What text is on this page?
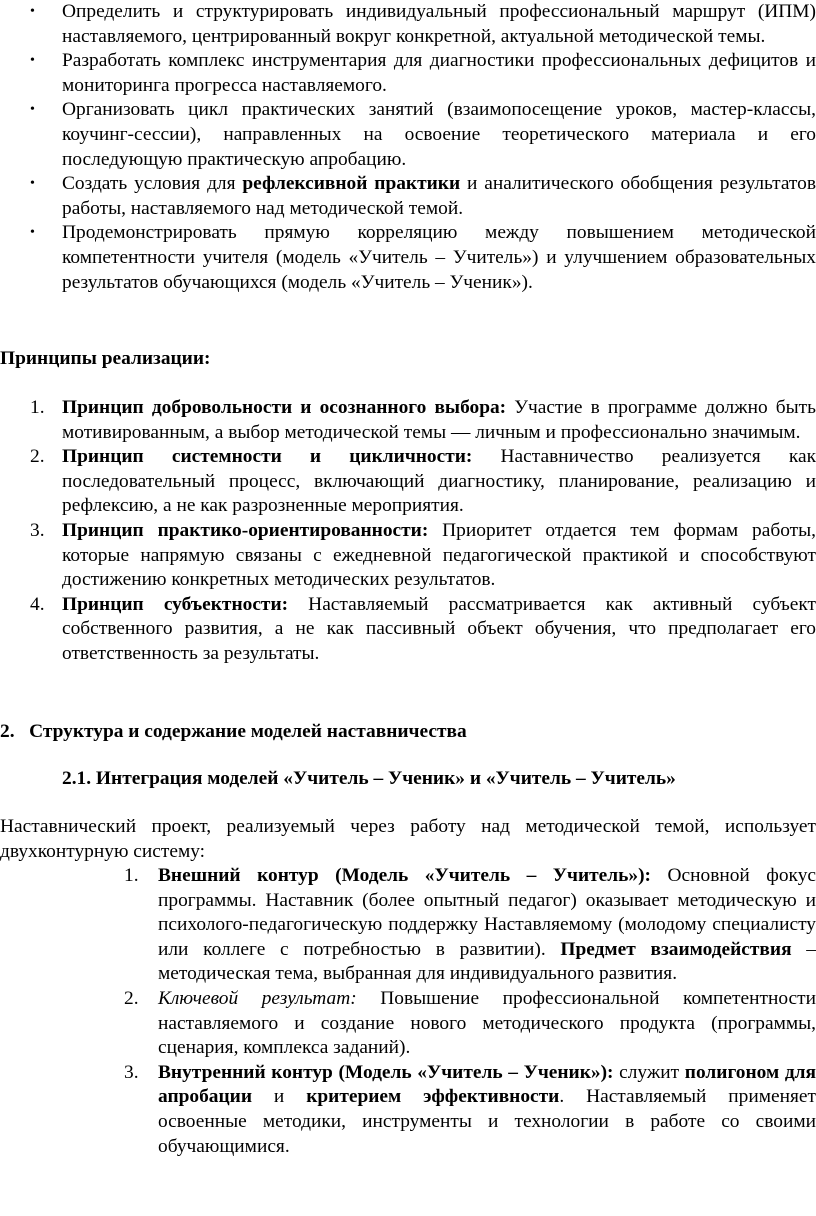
• Определить и структурировать индивидуальный профессиональный маршрут (ИПМ) наставляемого, центрированный вокруг конкретной, актуальной методической темы.
• Разработать комплекс инструментария для диагностики профессиональных дефицитов и мониторинга прогресса наставляемого.
• Организовать цикл практических занятий (взаимопосещение уроков, мастер-классы, коучинг-сессии), направленных на освоение теоретического материала и его последующую практическую апробацию.
• Создать условия для рефлексивной практики и аналитического обобщения результатов работы, наставляемого над методической темой.
• Продемонстрировать прямую корреляцию между повышением методической компетентности учителя (модель «Учитель – Учитель») и улучшением образовательных результатов обучающихся (модель «Учитель – Ученик»).
Принципы реализации:
1. Принцип добровольности и осознанного выбора: Участие в программе должно быть мотивированным, а выбор методической темы — личным и профессионально значимым.
2. Принцип системности и цикличности: Наставничество реализуется как последовательный процесс, включающий диагностику, планирование, реализацию и рефлексию, а не как разрозненные мероприятия.
3. Принцип практико-ориентированности: Приоритет отдается тем формам работы, которые напрямую связаны с ежедневной педагогической практикой и способствуют достижению конкретных методических результатов.
4. Принцип субъектности: Наставляемый рассматривается как активный субъект собственного развития, а не как пассивный объект обучения, что предполагает его ответственность за результаты.
2.   Структура и содержание моделей наставничества
2.1. Интеграция моделей «Учитель – Ученик» и «Учитель – Учитель»
Наставнический проект, реализуемый через работу над методической темой, использует двухконтурную систему:
1. Внешний контур (Модель «Учитель – Учитель»): Основной фокус программы. Наставник (более опытный педагог) оказывает методическую и психолого-педагогическую поддержку Наставляемому (молодому специалисту или коллеге с потребностью в развитии). Предмет взаимодействия – методическая тема, выбранная для индивидуального развития.
2. Ключевой результат: Повышение профессиональной компетентности наставляемого и создание нового методического продукта (программы, сценария, комплекса заданий).
3. Внутренний контур (Модель «Учитель – Ученик»): служит полигоном для апробации и критерием эффективности. Наставляемый применяет освоенные методики, инструменты и технологии в работе со своими обучающимися.
